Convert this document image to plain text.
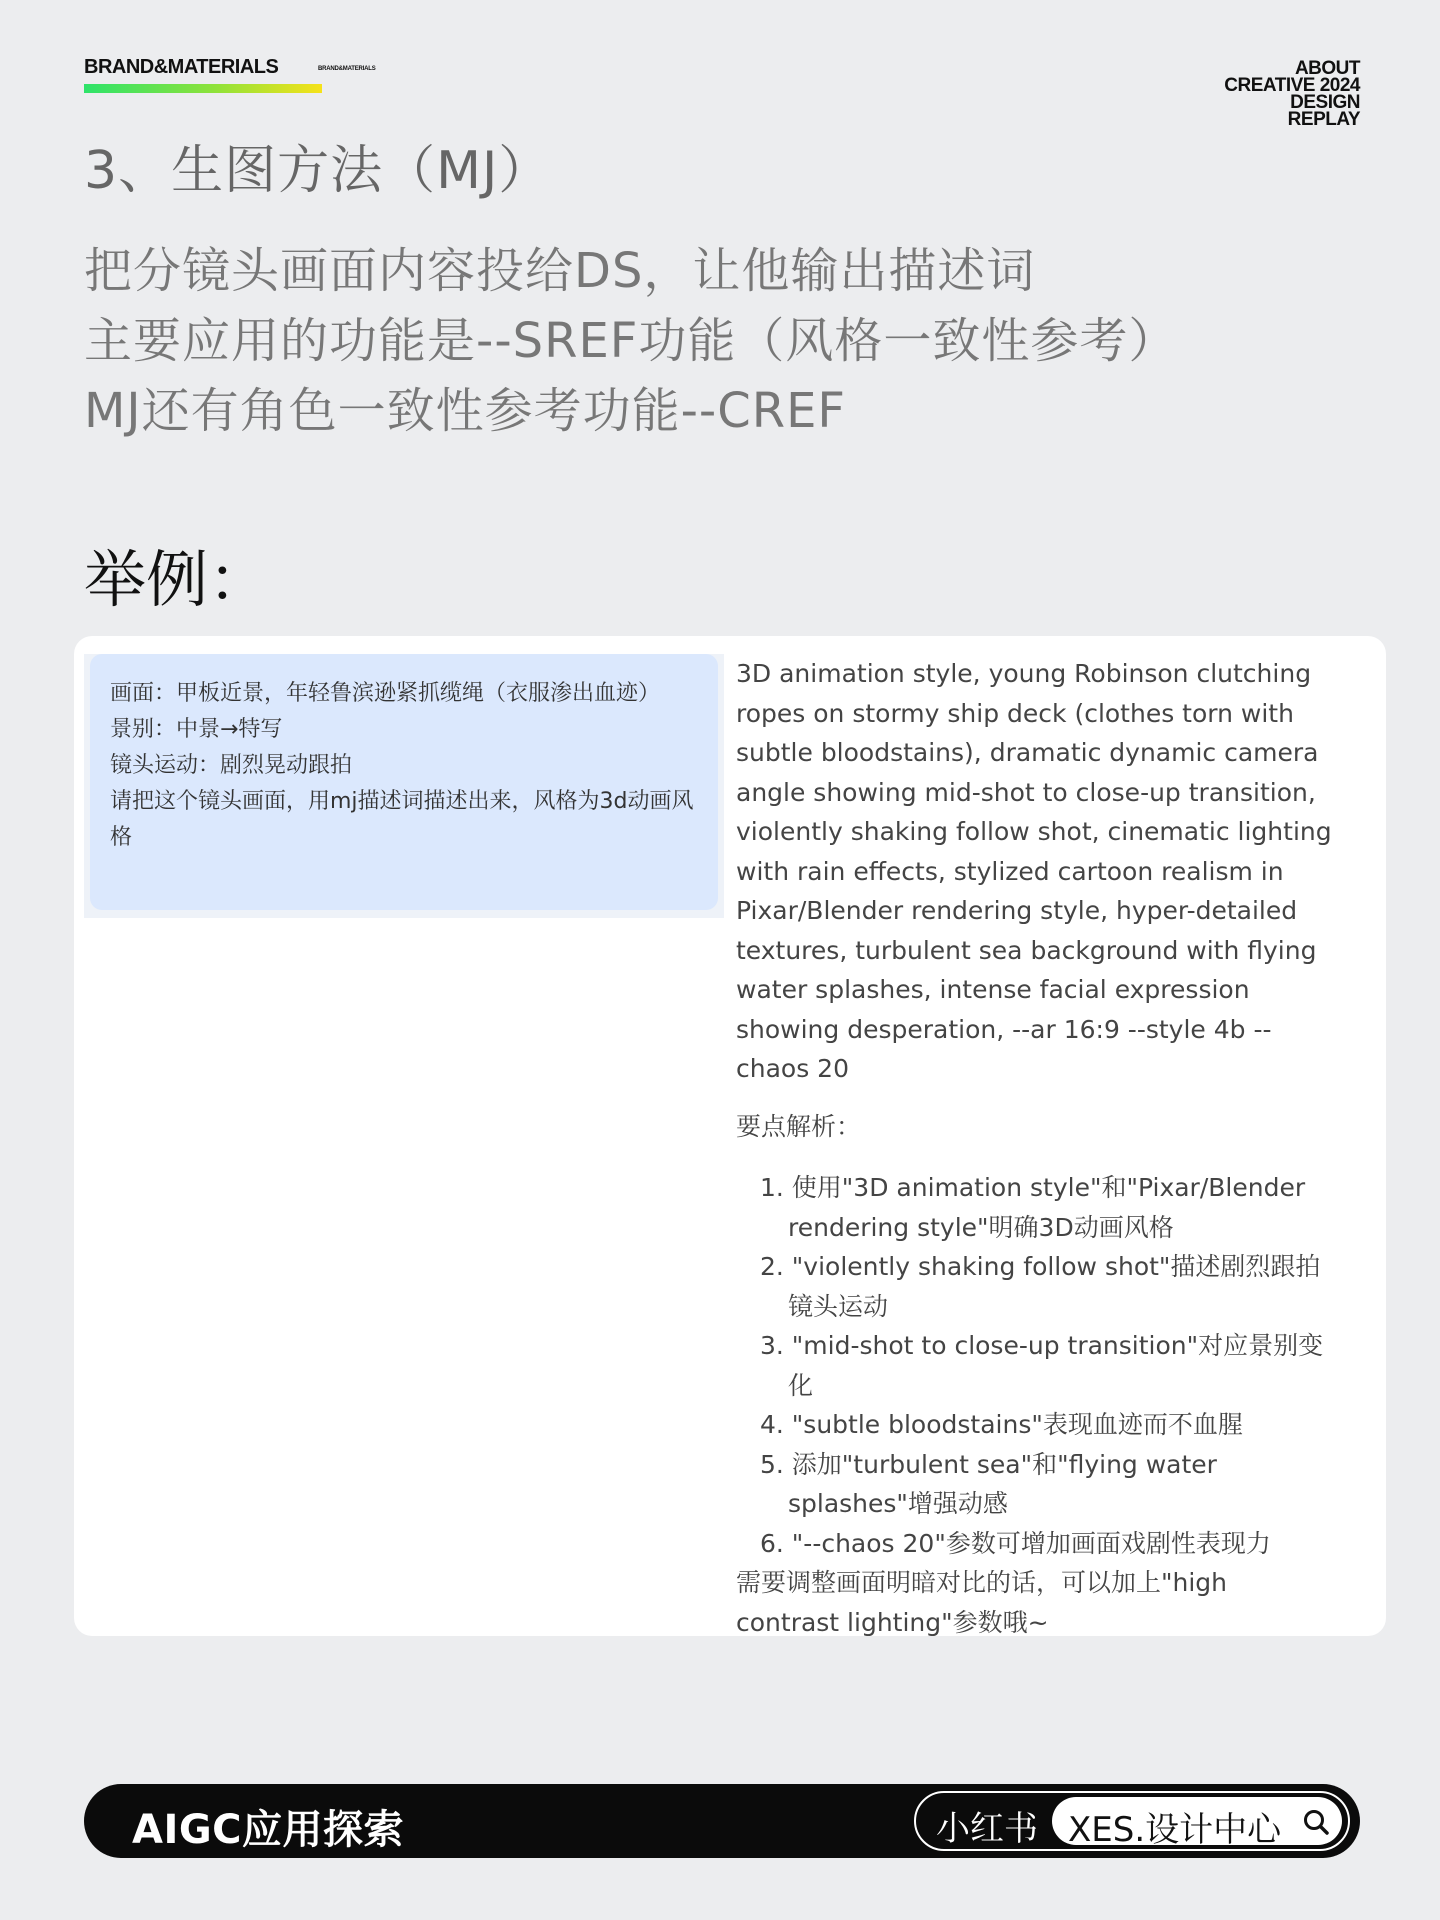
BRAND&MATERIALS	BRAND&MATERIALS	ABOUT
CREATIVE 2024
DESIGN
REPLAY
3、生图方法（MJ）
把分镜头画面内容投给DS，让他输出描述词
主要应用的功能是--SREF功能（风格一致性参考）
MJ还有角色一致性参考功能--CREF
举例：
画面：甲板近景，年轻鲁滨逊紧抓缆绳（衣服渗出血迹）
景别：中景→特写
镜头运动：剧烈晃动跟拍
请把这个镜头画面，用mj描述词描述出来，风格为3d动画风格
3D animation style, young Robinson clutching ropes on stormy ship deck (clothes torn with subtle bloodstains), dramatic dynamic camera angle showing mid-shot to close-up transition, violently shaking follow shot, cinematic lighting with rain effects, stylized cartoon realism in Pixar/Blender rendering style, hyper-detailed textures, turbulent sea background with flying water splashes, intense facial expression showing desperation, --ar 16:9 --style 4b --chaos 20
要点解析：
1. 使用"3D animation style"和"Pixar/Blender rendering style"明确3D动画风格
2. "violently shaking follow shot"描述剧烈跟拍镜头运动
3. "mid-shot to close-up transition"对应景别变化
4. "subtle bloodstains"表现血迹而不血腥
5. 添加"turbulent sea"和"flying water splashes"增强动感
6. "--chaos 20"参数可增加画面戏剧性表现力
需要调整画面明暗对比的话，可以加上"high contrast lighting"参数哦~
AIGC应用探索	小红书 XES.设计中心
